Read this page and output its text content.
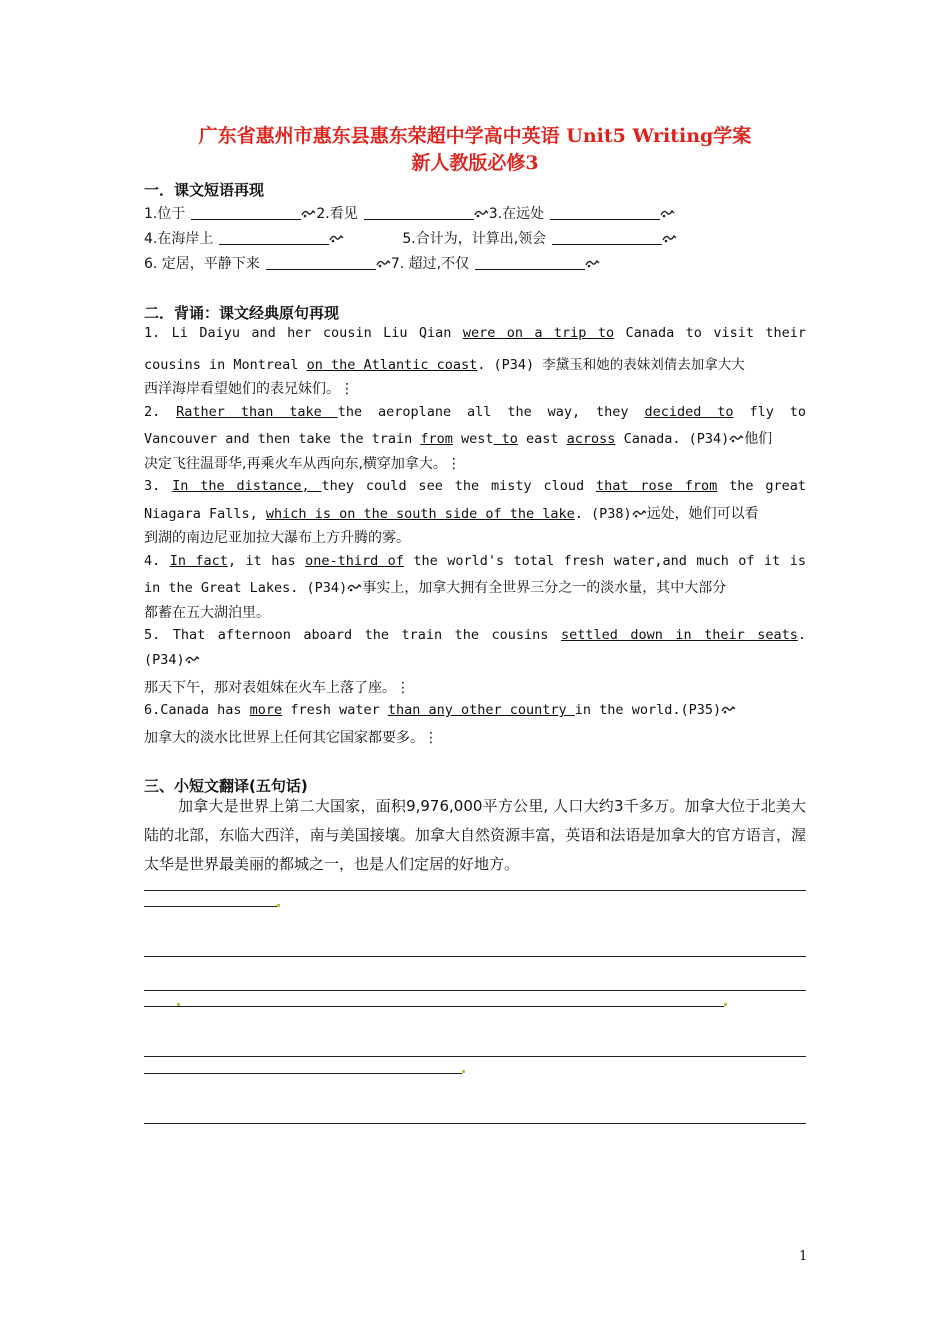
广东省惠州市惠东县惠东荣超中学高中英语 Unit5 Writing学案
新人教版必修3
一．课文短语再现
1.位于	2.看见	3.在远处
4.在海岸上	5.合计为，计算出,领会
6. 定居，平静下来	7. 超过,不仅
二．背诵：课文经典原句再现
1. Li Daiyu and her cousin Liu Qian were on a trip to Canada to visit their
cousins in Montreal on the Atlantic coast. (P34) 李黛玉和她的表妹刘倩去加拿大大
西洋海岸看望她们的表兄妹们。⋮
2. Rather than take the aeroplane all the way, they decided to fly to
Vancouver and then take the train from west to east across Canada. (P34) 他们
决定飞往温哥华,再乘火车从西向东,横穿加拿大。⋮
3. In the distance, they could see the misty cloud that rose from the great
Niagara Falls, which is on the south side of the lake. (P38) 远处，她们可以看
到湖的南边尼亚加拉大瀑布上方升腾的雾。
4. In fact, it has one-third of the world's total fresh water,and much of it is
in the Great Lakes. (P34) 事实上，加拿大拥有全世界三分之一的淡水量，其中大部分
都蓄在五大湖泊里。
5. That afternoon aboard the train the cousins settled down in their seats.
(P34)
那天下午，那对表姐妹在火车上落了座。⋮
6.Canada has more fresh water than any other country in the world.(P35)
加拿大的淡水比世界上任何其它国家都要多。⋮
三、小短文翻译(五句话)
加拿大是世界上第二大国家，面积9,976,000平方公里, 人口大约3千多万。加拿大位于北美大陆的北部，东临大西洋，南与美国接壤。加拿大自然资源丰富，英语和法语是加拿大的官方语言，渥太华是世界最美丽的都城之一，也是人们定居的好地方。
1
